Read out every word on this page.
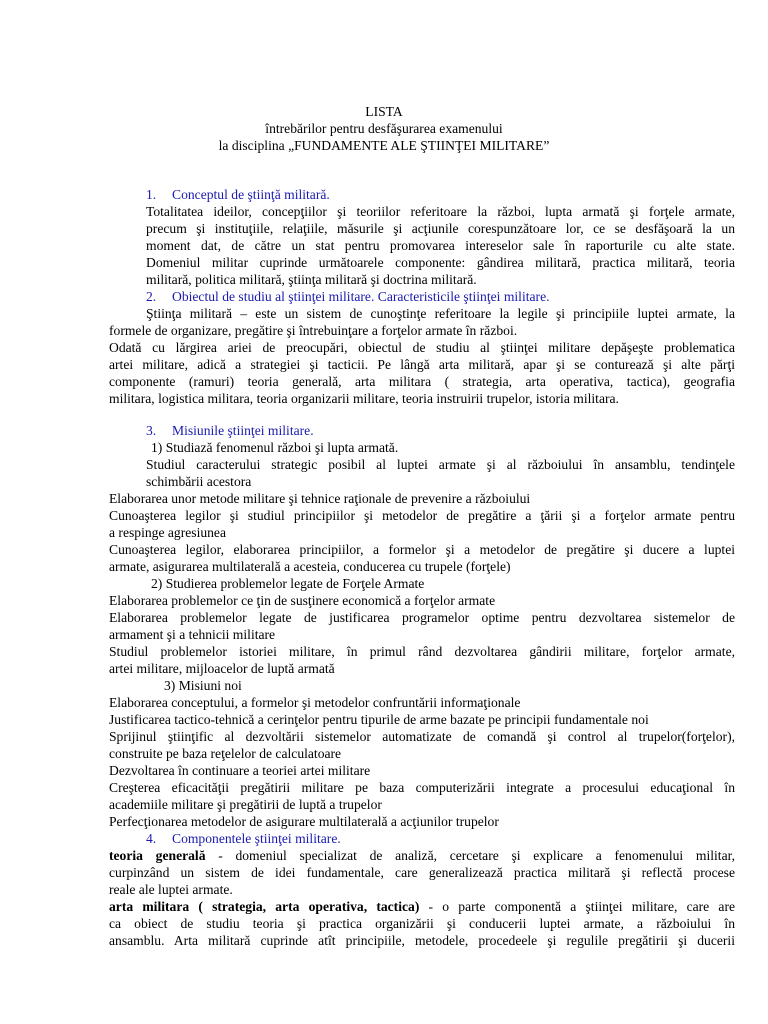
LISTA
întrebărilor pentru desfăşurarea examenului
la disciplina „FUNDAMENTE ALE ŞTIINŢEI MILITARE”
1. Conceptul de ştiinţă militară.
Totalitatea ideilor, concepţiilor şi teoriilor referitoare la război, lupta armată şi forţele armate,
precum şi instituţiile, relaţiile, măsurile şi acţiunile corespunzătoare lor, ce se desfăşoară la un
moment dat, de către un stat pentru promovarea intereselor sale în raporturile cu alte state.
Domeniul militar cuprinde următoarele componente: gândirea militară, practica militară, teoria
militară, politica militară, ştiinţa militară şi doctrina militară.
2. Obiectul de studiu al ştiinţei militare. Caracteristicile ştiinţei militare.
Ştiinţa militară – este un sistem de cunoştinţe referitoare la legile şi principiile luptei armate, la
formele de organizare, pregătire şi întrebuinţare a forţelor armate în război.
Odată cu lărgirea ariei de preocupări, obiectul de studiu al ştiinţei militare depăşeşte problematica
artei militare, adică a strategiei şi tacticii. Pe lângă arta militară, apar şi se conturează şi alte părţi
componente (ramuri) teoria generală, arta militara ( strategia, arta operativa, tactica), geografia
militara, logistica militara, teoria organizarii militare, teoria instruirii trupelor, istoria militara.
3. Misiunile ştiinţei militare.
1) Studiază fenomenul război şi lupta armată.
Studiul caracterului strategic posibil al luptei armate şi al războiului în ansamblu, tendinţele
schimbării acestora
Elaborarea unor metode militare şi tehnice raţionale de prevenire a războiului
Cunoaşterea legilor şi studiul principiilor şi metodelor de pregătire a ţării şi a forţelor armate pentru
a respinge agresiunea
Cunoaşterea legilor, elaborarea principiilor, a formelor şi a metodelor de pregătire şi ducere a luptei
armate, asigurarea multilaterală a acesteia, conducerea cu trupele (forţele)
2) Studierea problemelor legate de Forţele Armate
Elaborarea problemelor ce ţin de susţinere economică a forţelor armate
Elaborarea problemelor legate de justificarea programelor optime pentru dezvoltarea sistemelor de
armament şi a tehnicii militare
Studiul problemelor istoriei militare, în primul rând dezvoltarea gândirii militare, forţelor armate,
artei militare, mijloacelor de luptă armată
3) Misiuni noi
Elaborarea conceptului, a formelor şi metodelor confruntării informaţionale
Justificarea tactico-tehnică a cerinţelor pentru tipurile de arme bazate pe principii fundamentale noi
Sprijinul ştiinţific al dezvoltării sistemelor automatizate de comandă şi control al trupelor(forţelor),
construite pe baza reţelelor de calculatoare
Dezvoltarea în continuare a teoriei artei militare
Creşterea eficacităţii pregătirii militare pe baza computerizării integrate a procesului educaţional în
academiile militare şi pregătirii de luptă a trupelor
Perfecţionarea metodelor de asigurare multilaterală a acţiunilor trupelor
4. Componentele ştiinţei militare.
teoria generală - domeniul specializat de analiză, cercetare şi explicare a fenomenului militar,
curpinzând un sistem de idei fundamentale, care generalizează practica militară şi reflectă procese
reale ale luptei armate.
arta militara ( strategia, arta operativa, tactica) - o parte componentă a ştiinţei militare, care are
ca obiect de studiu teoria şi practica organizării şi conducerii luptei armate, a războiului în
ansamblu. Arta militară cuprinde atît principiile, metodele, procedeele şi regulile pregătirii şi ducerii
